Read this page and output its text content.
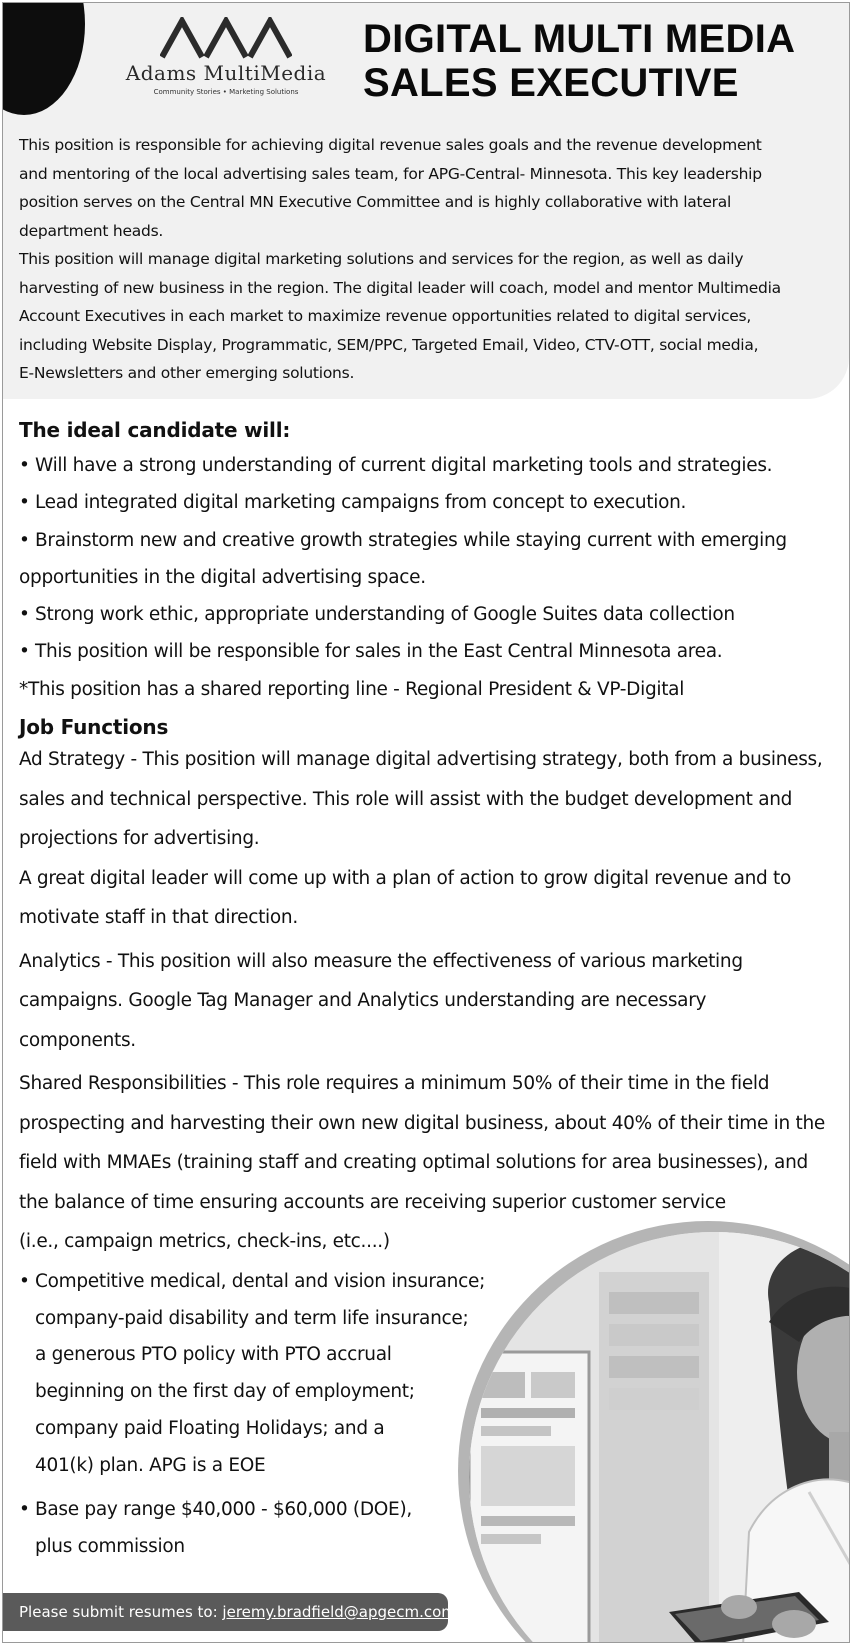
Adams MultiMedia
Community Stories • Marketing Solutions
DIGITAL MULTI MEDIA
SALES EXECUTIVE

This position is responsible for achieving digital revenue sales goals and the revenue development

and mentoring of the local advertising sales team, for APG-Central- Minnesota. This key leadership

position serves on the Central MN Executive Committee and is highly collaborative with lateral

department heads.

This position will manage digital marketing solutions and services for the region, as well as daily

harvesting of new business in the region. The digital leader will coach, model and mentor Multimedia

Account Executives in each market to maximize revenue opportunities related to digital services,

including Website Display, Programmatic, SEM/PPC, Targeted Email, Video, CTV-OTT, social media,

E-Newsletters and other emerging solutions.

The ideal candidate will:
• Will have a strong understanding of current digital marketing tools and strategies.
• Lead integrated digital marketing campaigns from concept to execution.
• Brainstorm new and creative growth strategies while staying current with emerging

opportunities in the digital advertising space.

• Strong work ethic, appropriate understanding of Google Suites data collection
• This position will be responsible for sales in the East Central Minnesota area.

*This position has a shared reporting line - Regional President & VP-Digital

Job Functions

Ad Strategy - This position will manage digital advertising strategy, both from a business,

sales and technical perspective. This role will assist with the budget development and

projections for advertising.

A great digital leader will come up with a plan of action to grow digital revenue and to

motivate staff in that direction.

Analytics - This position will also measure the effectiveness of various marketing

campaigns. Google Tag Manager and Analytics understanding are necessary

components.

Shared Responsibilities - This role requires a minimum 50% of their time in the field

prospecting and harvesting their own new digital business, about 40% of their time in the

field with MMAEs (training staff and creating optimal solutions for area businesses), and

the balance of time ensuring accounts are receiving superior customer service

(i.e., campaign metrics, check-ins, etc....)

• Competitive medical, dental and vision insurance;
company-paid disability and term life insurance;
a generous PTO policy with PTO accrual
beginning on the first day of employment;
company paid Floating Holidays; and a
401(k) plan. APG is a EOE
• Base pay range $40,000 - $60,000 (DOE),
plus commission
Please submit resumes to: jeremy.bradfield@apgecm.com
